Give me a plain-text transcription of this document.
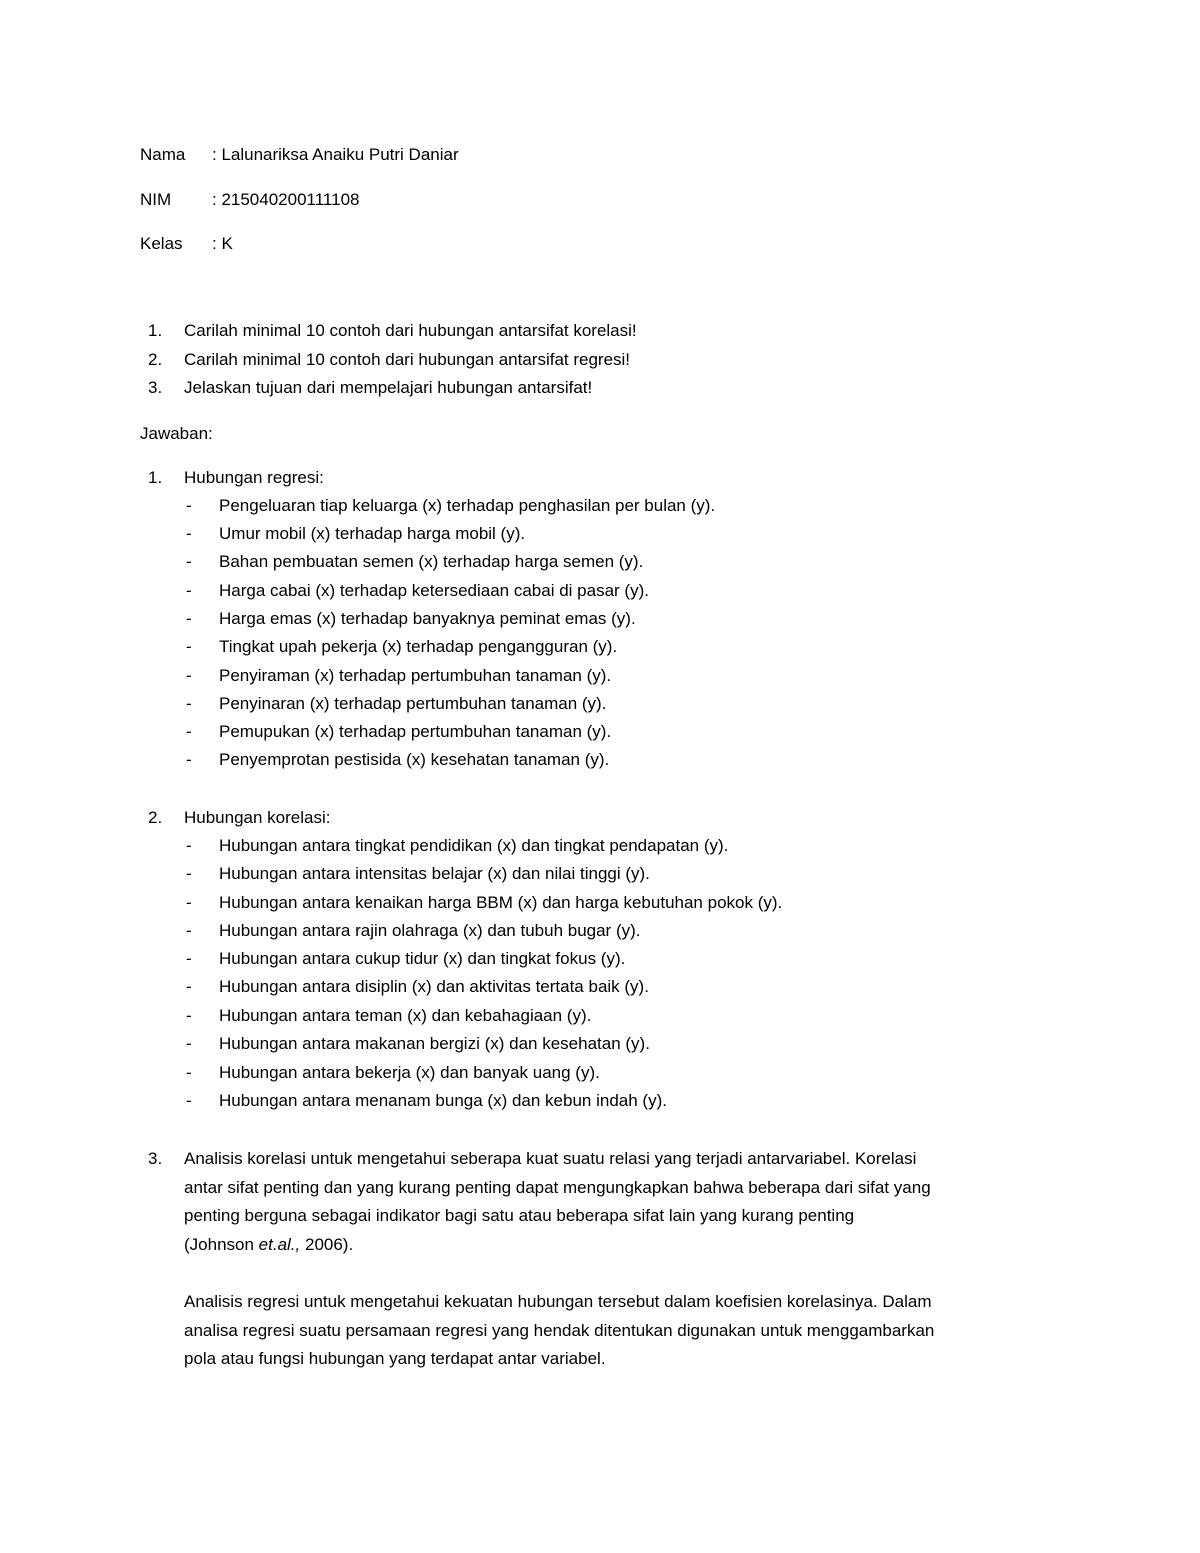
Nama : Lalunariksa Anaiku Putri Daniar
NIM : 215040200111108
Kelas : K
1. Carilah minimal 10 contoh dari hubungan antarsifat korelasi!
2. Carilah minimal 10 contoh dari hubungan antarsifat regresi!
3. Jelaskan tujuan dari mempelajari hubungan antarsifat!
Jawaban:
1. Hubungan regresi:
- Pengeluaran tiap keluarga (x) terhadap penghasilan per bulan (y).
- Umur mobil (x) terhadap harga mobil (y).
- Bahan pembuatan semen (x) terhadap harga semen (y).
- Harga cabai (x) terhadap ketersediaan cabai di pasar (y).
- Harga emas (x) terhadap banyaknya peminat emas (y).
- Tingkat upah pekerja (x) terhadap pengangguran (y).
- Penyiraman (x) terhadap pertumbuhan tanaman (y).
- Penyinaran (x) terhadap pertumbuhan tanaman (y).
- Pemupukan (x) terhadap pertumbuhan tanaman (y).
- Penyemprotan pestisida (x) kesehatan tanaman (y).
2. Hubungan korelasi:
- Hubungan antara tingkat pendidikan (x) dan tingkat pendapatan (y).
- Hubungan antara intensitas belajar (x) dan nilai tinggi (y).
- Hubungan antara kenaikan harga BBM (x) dan harga kebutuhan pokok (y).
- Hubungan antara rajin olahraga (x) dan tubuh bugar (y).
- Hubungan antara cukup tidur (x) dan tingkat fokus (y).
- Hubungan antara disiplin (x) dan aktivitas tertata baik (y).
- Hubungan antara teman (x) dan kebahagiaan (y).
- Hubungan antara makanan bergizi (x) dan kesehatan (y).
- Hubungan antara bekerja (x) dan banyak uang (y).
- Hubungan antara menanam bunga (x) dan kebun indah (y).
3. Analisis korelasi untuk mengetahui seberapa kuat suatu relasi yang terjadi antarvariabel. Korelasi

antar sifat penting dan yang kurang penting dapat mengungkapkan bahwa beberapa dari sifat yang

penting berguna sebagai indikator bagi satu atau beberapa sifat lain yang kurang penting

(Johnson et.al., 2006).

Analisis regresi untuk mengetahui kekuatan hubungan tersebut dalam koefisien korelasinya. Dalam

analisa regresi suatu persamaan regresi yang hendak ditentukan digunakan untuk menggambarkan

pola atau fungsi hubungan yang terdapat antar variabel.
